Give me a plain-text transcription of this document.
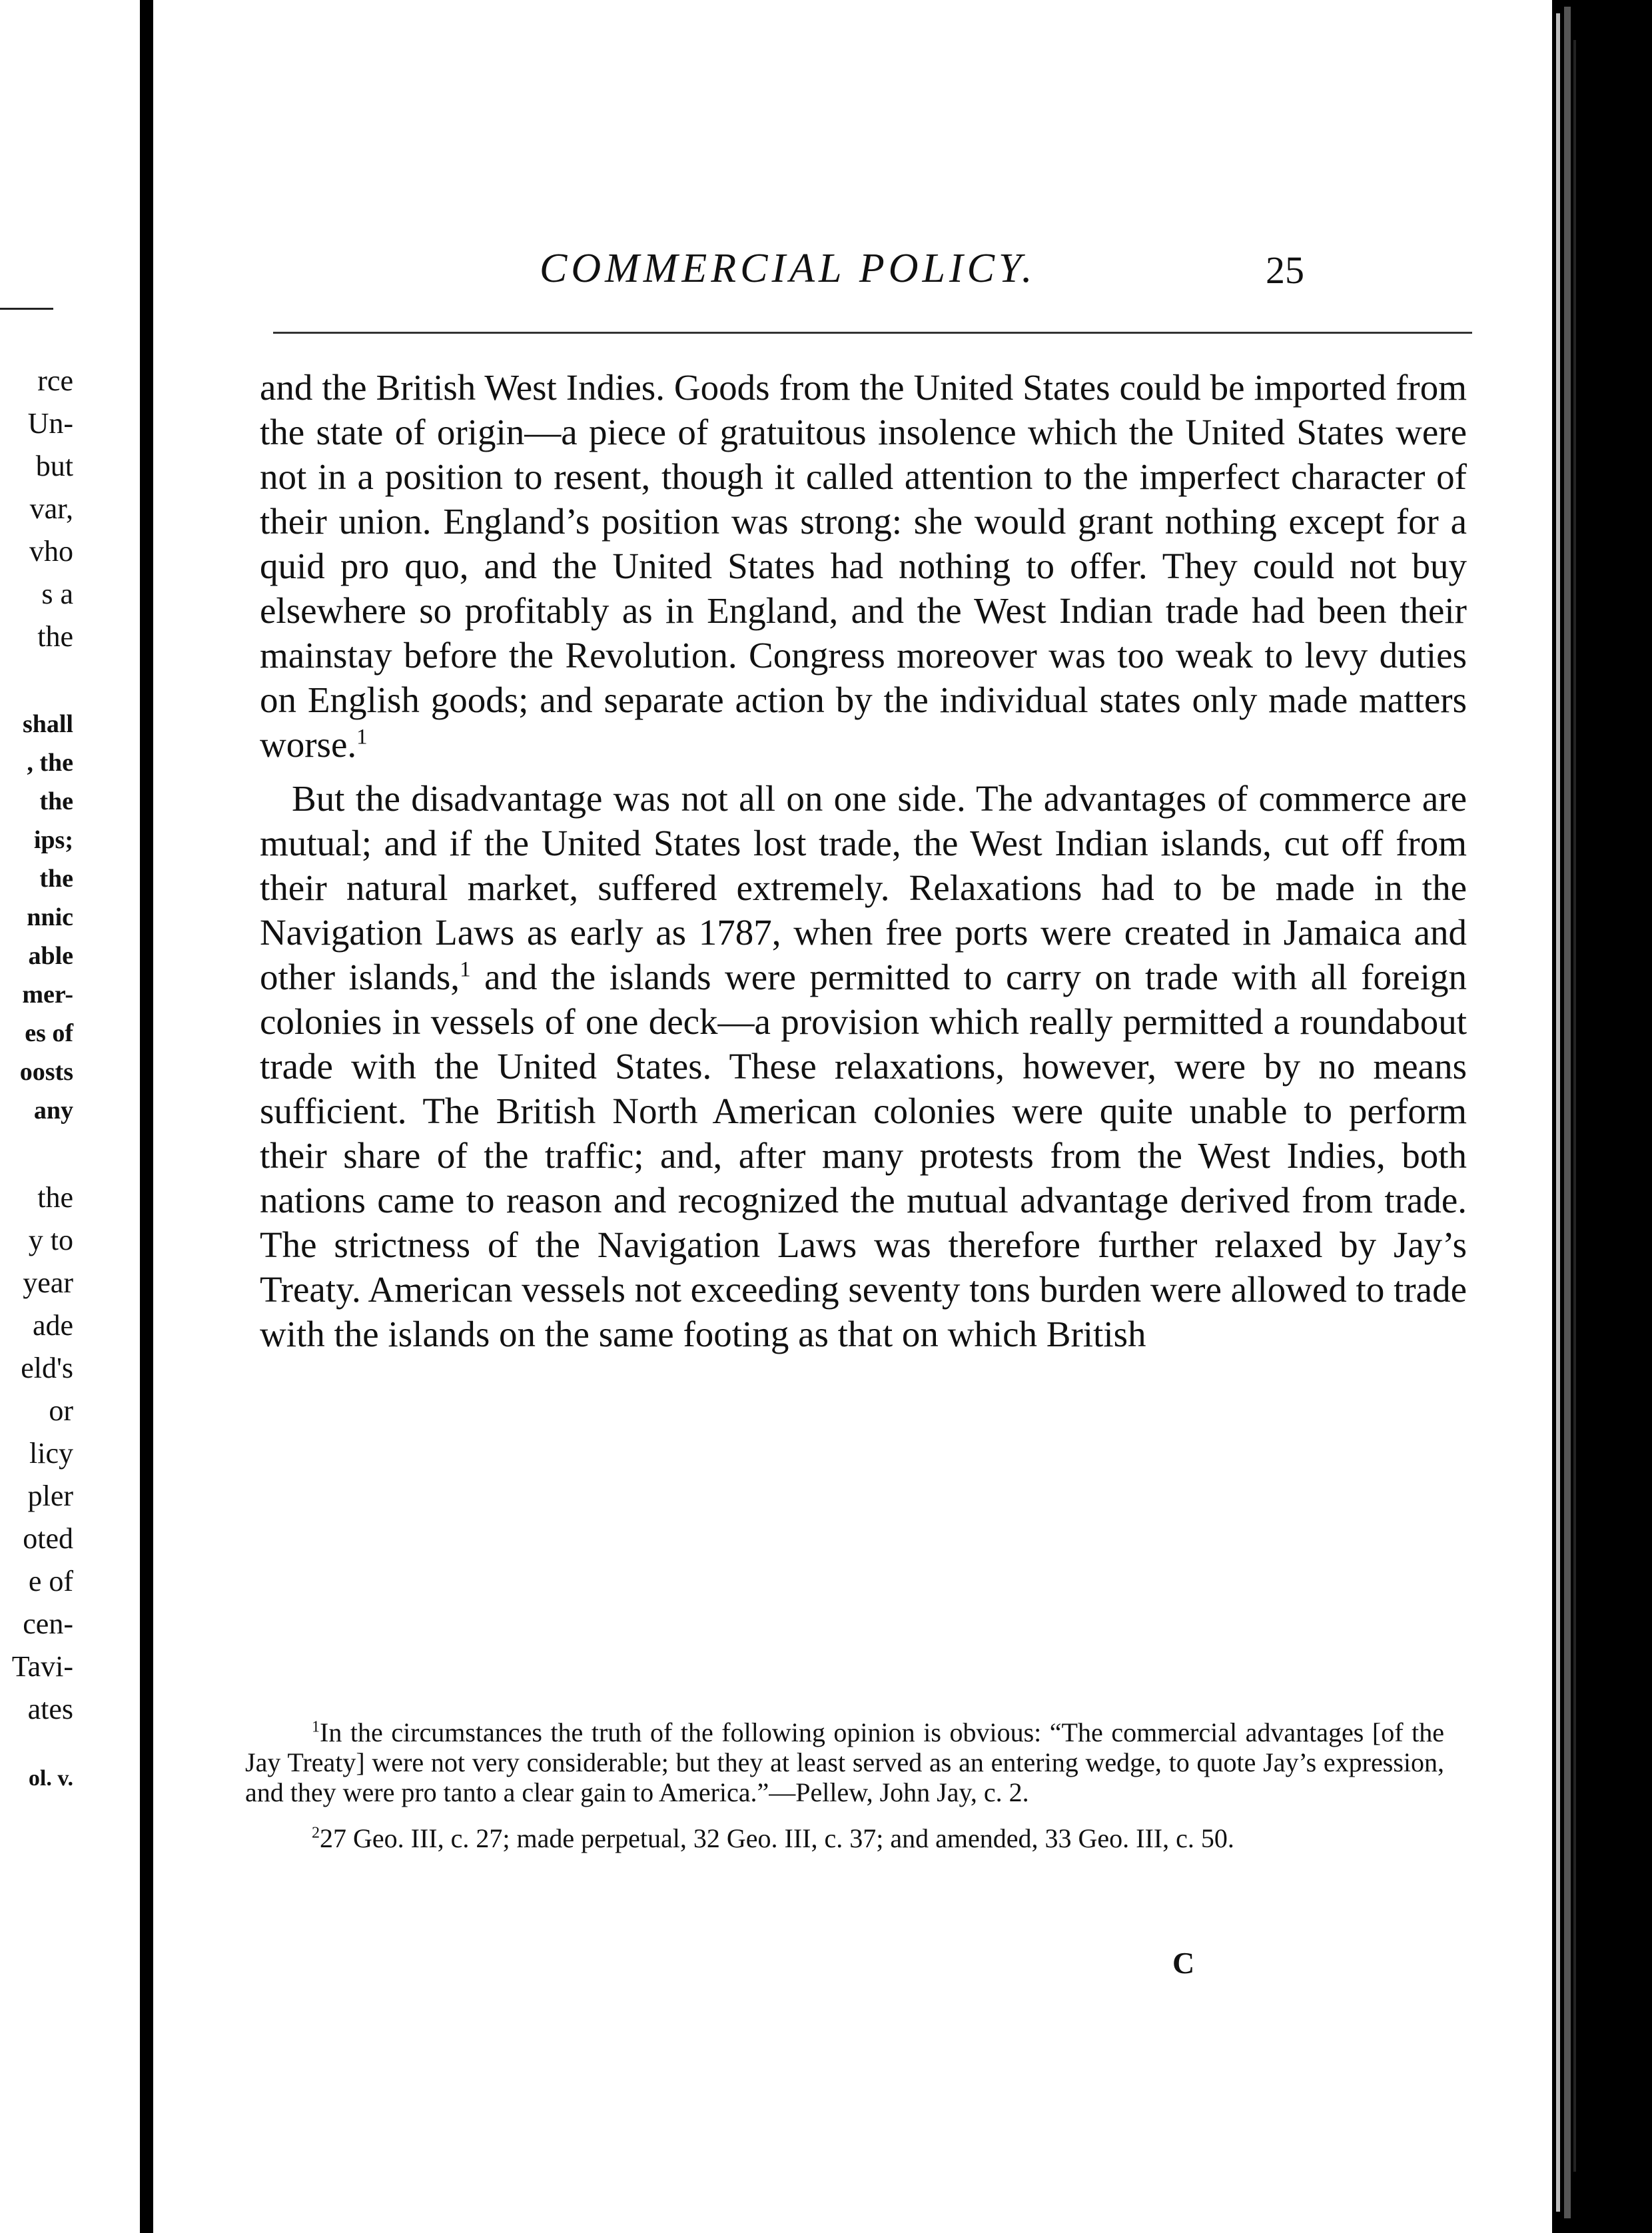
rce
Un-
but
var,
vho
s a
the
shall
, the
the
ips;
the
nnic
able
mer-
es of
oosts
any
the
y to
year
ade
eld's
or
licy
pler
oted
e of
cen-
Tavi-
ates
ol. v.
COMMERCIAL POLICY.	25

and the British West Indies. Goods from the United States could be imported from the state of origin—a piece of gratuitous insolence which the United States were not in a position to resent, though it called attention to the imperfect character of their union. England’s position was strong: she would grant nothing except for a quid pro quo, and the United States had nothing to offer. They could not buy elsewhere so profitably as in England, and the West Indian trade had been their mainstay before the Revolution. Congress moreover was too weak to levy duties on English goods; and separate action by the individual states only made matters worse.$^1$

But the disadvantage was not all on one side. The advantages of commerce are mutual; and if the United States lost trade, the West Indian islands, cut off from their natural market, suffered extremely. Relaxations had to be made in the Navigation Laws as early as 1787, when free ports were created in Jamaica and other islands,$^1$ and the islands were permitted to carry on trade with all foreign colonies in vessels of one deck—a provision which really permitted a roundabout trade with the United States. These relaxations, however, were by no means sufficient. The British North American colonies were quite unable to perform their share of the traffic; and, after many protests from the West Indies, both nations came to reason and recognized the mutual advantage derived from trade. The strictness of the Navigation Laws was therefore further relaxed by Jay’s Treaty. American vessels not exceeding seventy tons burden were allowed to trade with the islands on the same footing as that on which British

$^1$In the circumstances the truth of the following opinion is obvious: “The commercial advantages [of the Jay Treaty] were not very considerable; but they at least served as an entering wedge, to quote Jay’s expression, and they were pro tanto a clear gain to America.”—Pellew, John Jay, c. 2.

$^2$27 Geo. III, c. 27; made perpetual, 32 Geo. III, c. 37; and amended, 33 Geo. III, c. 50.

C
